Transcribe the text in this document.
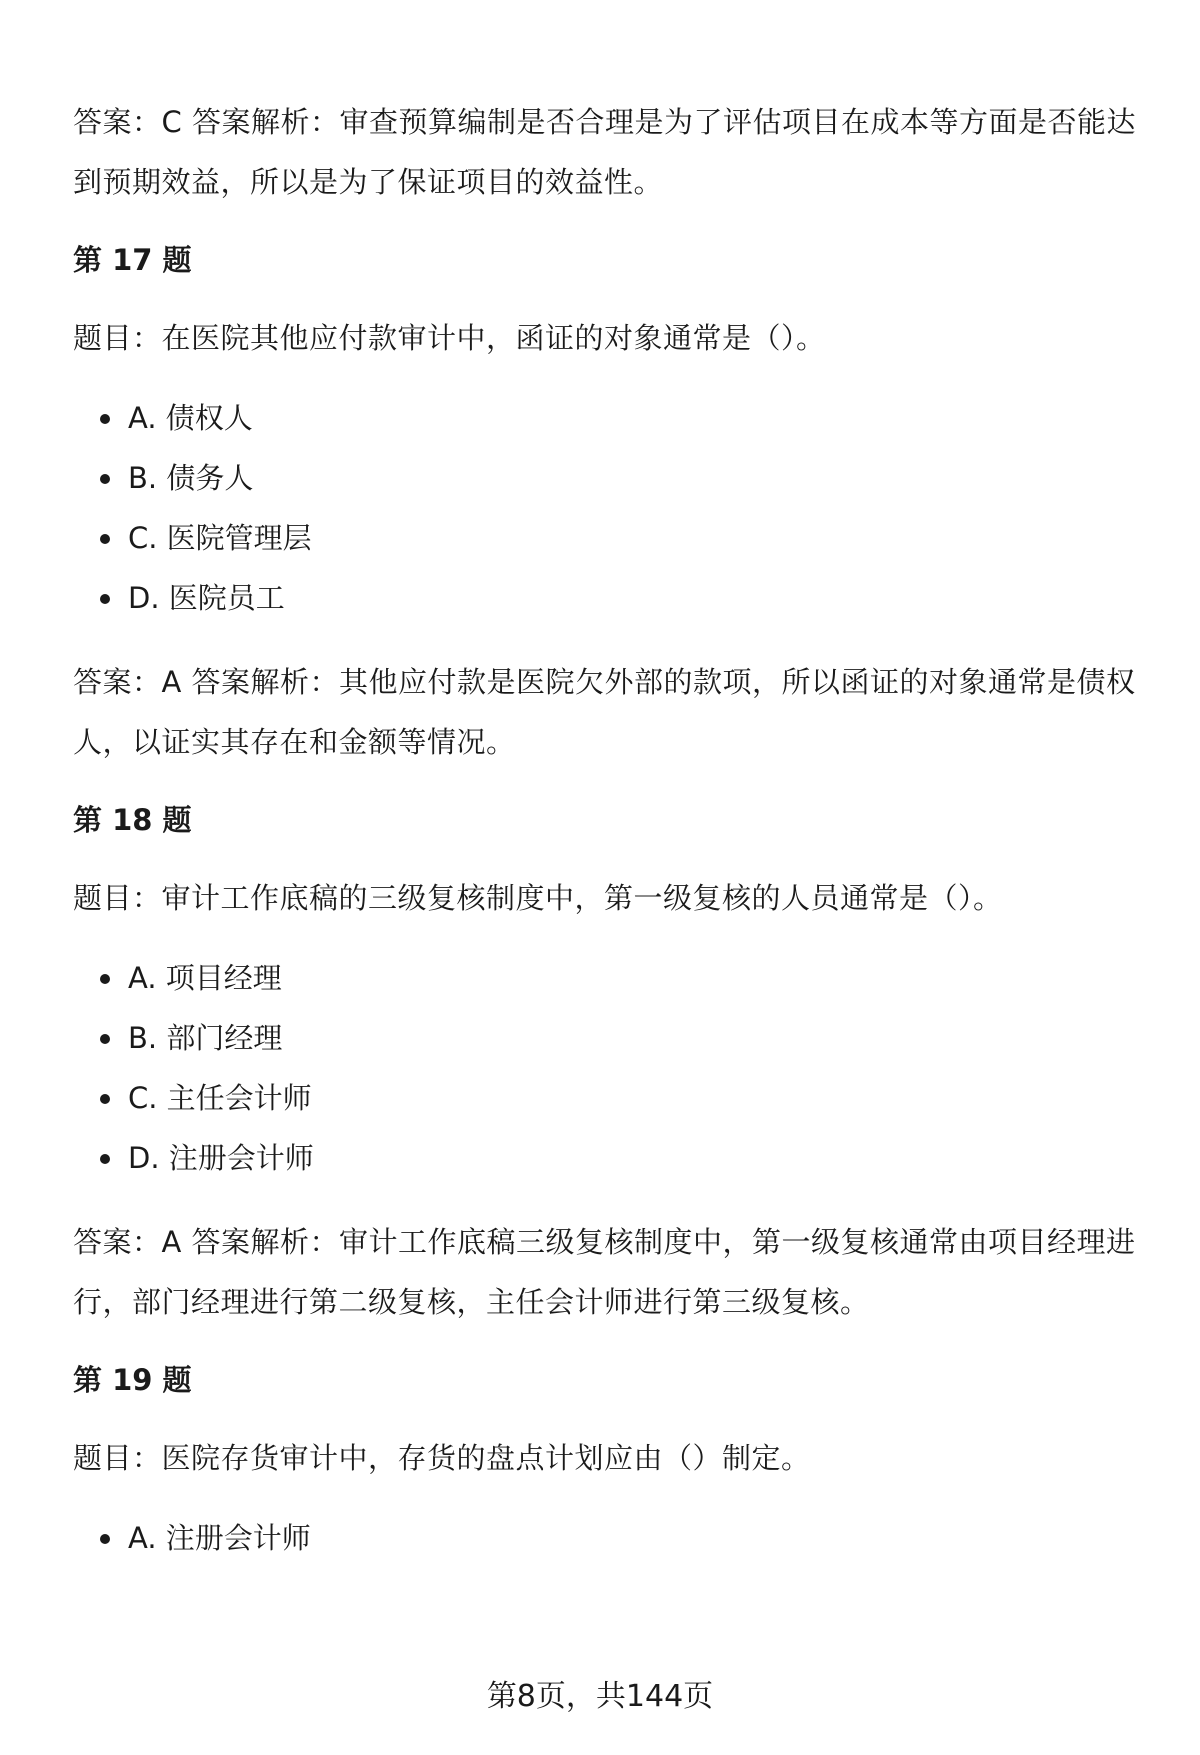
答案：C 答案解析：审查预算编制是否合理是为了评估项目在成本等方面是否能达到预期效益，所以是为了保证项目的效益性。

第 17 题

题目：在医院其他应付款审计中，函证的对象通常是（）。

A. 债权人
B. 债务人
C. 医院管理层
D. 医院员工

答案：A 答案解析：其他应付款是医院欠外部的款项，所以函证的对象通常是债权人，以证实其存在和金额等情况。

第 18 题

题目：审计工作底稿的三级复核制度中，第一级复核的人员通常是（）。

A. 项目经理
B. 部门经理
C. 主任会计师
D. 注册会计师

答案：A 答案解析：审计工作底稿三级复核制度中，第一级复核通常由项目经理进行，部门经理进行第二级复核，主任会计师进行第三级复核。

第 19 题

题目：医院存货审计中，存货的盘点计划应由（）制定。

A. 注册会计师
第8页，共144页
